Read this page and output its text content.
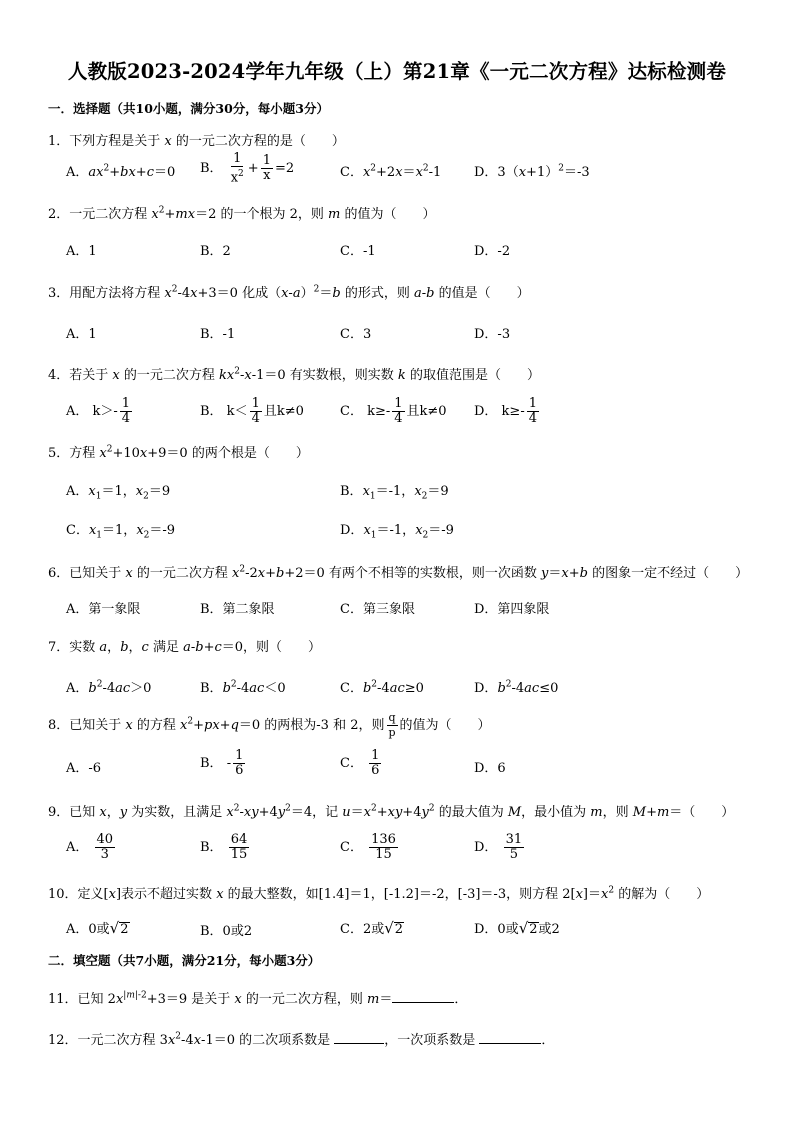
人教版2023-2024学年九年级（上）第21章《一元二次方程》达标检测卷
一．选择题（共10小题，满分30分，每小题3分）
1．下列方程是关于 x 的一元二次方程的是（　　）
A．$ax^2+bx+c=0$ B． $\frac{1}{x^2} + \frac{1}{x} =2$	C．$x^2+2x=x^2-1$	D．$3(x+1)^2=-3$
2．一元二次方程 $x^2+mx=2$ 的一个根为 2，则 m 的值为（　　）
A．1	B．2	C．-1	D．-2
3．用配方法将方程 $x^2-4x+3=0$ 化成$(x-a)^2=b$ 的形式，则 a-b 的值是（　　）
A．1	B．-1	C．3	D．-3
4．若关于 x 的一元二次方程 $kx^2-x-1=0$ 有实数根，则实数 k 的取值范围是（　　）
A． $k>- \frac{1}{4}$	B． $k< \frac{1}{4}$ 且k≠0	C． $k\ge- \frac{1}{4}$ 且k≠0 D． $k\ge- \frac{1}{4}$
5．方程 $x^2+10x+9=0$ 的两个根是（　　）
A．$x_1=1$，$x_2=9$	B．$x_1=-1$，$x_2=9$
C．$x_1=1$，$x_2=-9$	D．$x_1=-1$，$x_2=-9$
6．已知关于 x 的一元二次方程 $x^2-2x+b+2=0$ 有两个不相等的实数根，则一次函数 y＝x+b 的图象一定不经过（　　）
A．第一象限	B．第二象限	C．第三象限	D．第四象限
7．实数 a，b，c 满足 a-b+c＝0，则（　　）
A．$b^2-4ac>0$	B．$b^2-4ac<0$	C．$b^2-4ac\ge 0$	D．$b^2-4ac\le 0$
8．已知关于 x 的方程 $x^2+px+q=0$ 的两根为-3 和 2，则 $\frac{q}{p}$ 的值为（　　）
A．-6	B． - $\frac{1}{6}$	C． $\frac{1}{6}$	D．6
9．已知 x，y 为实数，且满足 $x^2-xy+4y^2=4$，记 $u=x^2+xy+4y^2$ 的最大值为 M，最小值为 m，则 M+m＝（　　）
A． $\frac{40}{3}$	B． $\frac{64}{15}$	C． $\frac{136}{15}$	D． $\frac{31}{5}$
10．定义[x]表示不超过实数 x 的最大整数，如[1.4]＝1，[-1.2]＝-2，[-3]＝-3，则方程 $2[x]=x^2$ 的解为（　　）
A．0或 √ 2	B．0或2	C．2或 √ 2	D．0或 √ 2 或2
二．填空题（共7小题，满分21分，每小题3分）
11．已知 $2x^{|m|-2}+3=9$ 是关于 x 的一元二次方程，则 m＝	．
12．一元二次方程 $3x^2-4x-1=0$ 的二次项系数是	，一次项系数是	．
